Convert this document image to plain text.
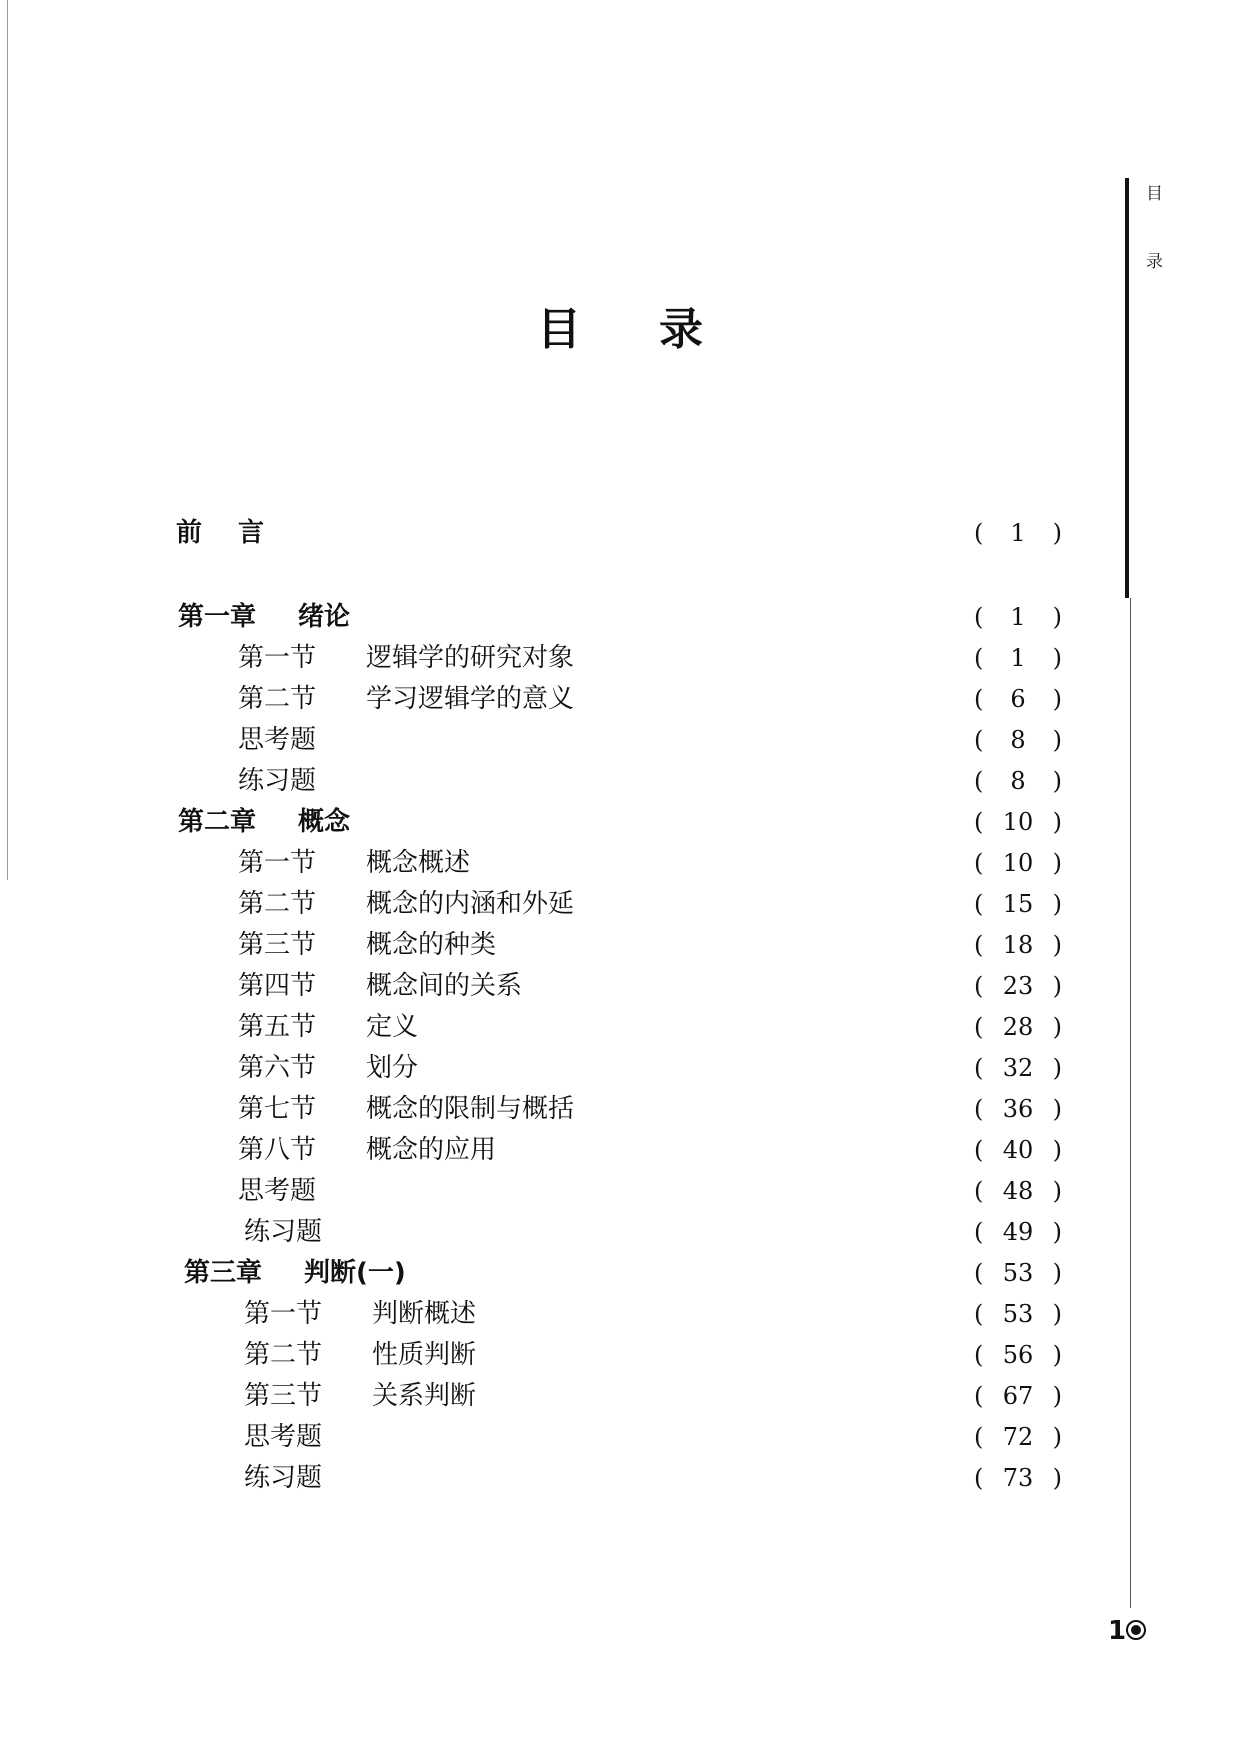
目
录
目录
前言	(	1	)
第一章	绪论	(	1	)
第一节	逻辑学的研究对象	(	1	)
第二节	学习逻辑学的意义	(	6	)
思考题	(	8	)
练习题	(	8	)
第二章	概念	( 10 )
第一节	概念概述	( 10 )
第二节	概念的内涵和外延	( 15 )
第三节	概念的种类	( 18 )
第四节	概念间的关系	( 23 )
第五节	定义	( 28 )
第六节	划分	( 32 )
第七节	概念的限制与概括	( 36 )
第八节	概念的应用	( 40 )
思考题	( 48 )
练习题	( 49 )
第三章	判断(一)	( 53 )
第一节	判断概述	( 53 )
第二节	性质判断	( 56 )
第三节	关系判断	( 67 )
思考题	( 72 )
练习题	( 73 )
1
